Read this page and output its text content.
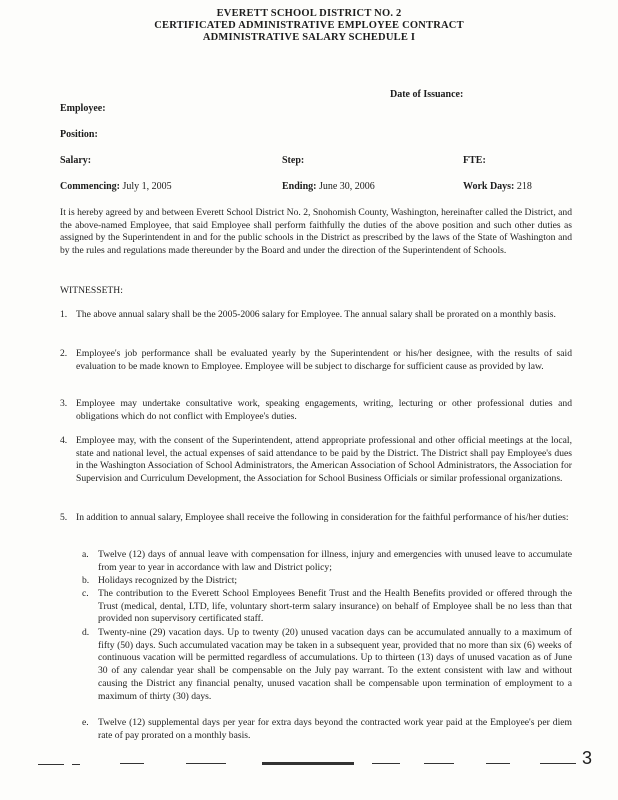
EVERETT SCHOOL DISTRICT NO. 2
CERTIFICATED ADMINISTRATIVE EMPLOYEE CONTRACT
ADMINISTRATIVE SALARY SCHEDULE I
Date of Issuance:
Employee:
Position:
Salary:	Step:	FTE:
Commencing: July 1, 2005	Ending: June 30, 2006	Work Days: 218
It is hereby agreed by and between Everett School District No. 2, Snohomish County, Washington, hereinafter called the District, and the above-named Employee, that said Employee shall perform faithfully the duties of the above position and such other duties as assigned by the Superintendent in and for the public schools in the District as prescribed by the laws of the State of Washington and by the rules and regulations made thereunder by the Board and under the direction of the Superintendent of Schools.
WITNESSETH:
1. The above annual salary shall be the 2005-2006 salary for Employee. The annual salary shall be prorated on a monthly basis.
2. Employee's job performance shall be evaluated yearly by the Superintendent or his/her designee, with the results of said evaluation to be made known to Employee. Employee will be subject to discharge for sufficient cause as provided by law.
3. Employee may undertake consultative work, speaking engagements, writing, lecturing or other professional duties and obligations which do not conflict with Employee's duties.
4. Employee may, with the consent of the Superintendent, attend appropriate professional and other official meetings at the local, state and national level, the actual expenses of said attendance to be paid by the District. The District shall pay Employee's dues in the Washington Association of School Administrators, the American Association of School Administrators, the Association for Supervision and Curriculum Development, the Association for School Business Officials or similar professional organizations.
5. In addition to annual salary, Employee shall receive the following in consideration for the faithful performance of his/her duties:
a. Twelve (12) days of annual leave with compensation for illness, injury and emergencies with unused leave to accumulate from year to year in accordance with law and District policy;
b. Holidays recognized by the District;
c. The contribution to the Everett School Employees Benefit Trust and the Health Benefits provided or offered through the Trust (medical, dental, LTD, life, voluntary short-term salary insurance) on behalf of Employee shall be no less than that provided non supervisory certificated staff.
d. Twenty-nine (29) vacation days. Up to twenty (20) unused vacation days can be accumulated annually to a maximum of fifty (50) days. Such accumulated vacation may be taken in a subsequent year, provided that no more than six (6) weeks of continuous vacation will be permitted regardless of accumulations. Up to thirteen (13) days of unused vacation as of June 30 of any calendar year shall be compensable on the July pay warrant. To the extent consistent with law and without causing the District any financial penalty, unused vacation shall be compensable upon termination of employment to a maximum of thirty (30) days.
e. Twelve (12) supplemental days per year for extra days beyond the contracted work year paid at the Employee's per diem rate of pay prorated on a monthly basis.
3
